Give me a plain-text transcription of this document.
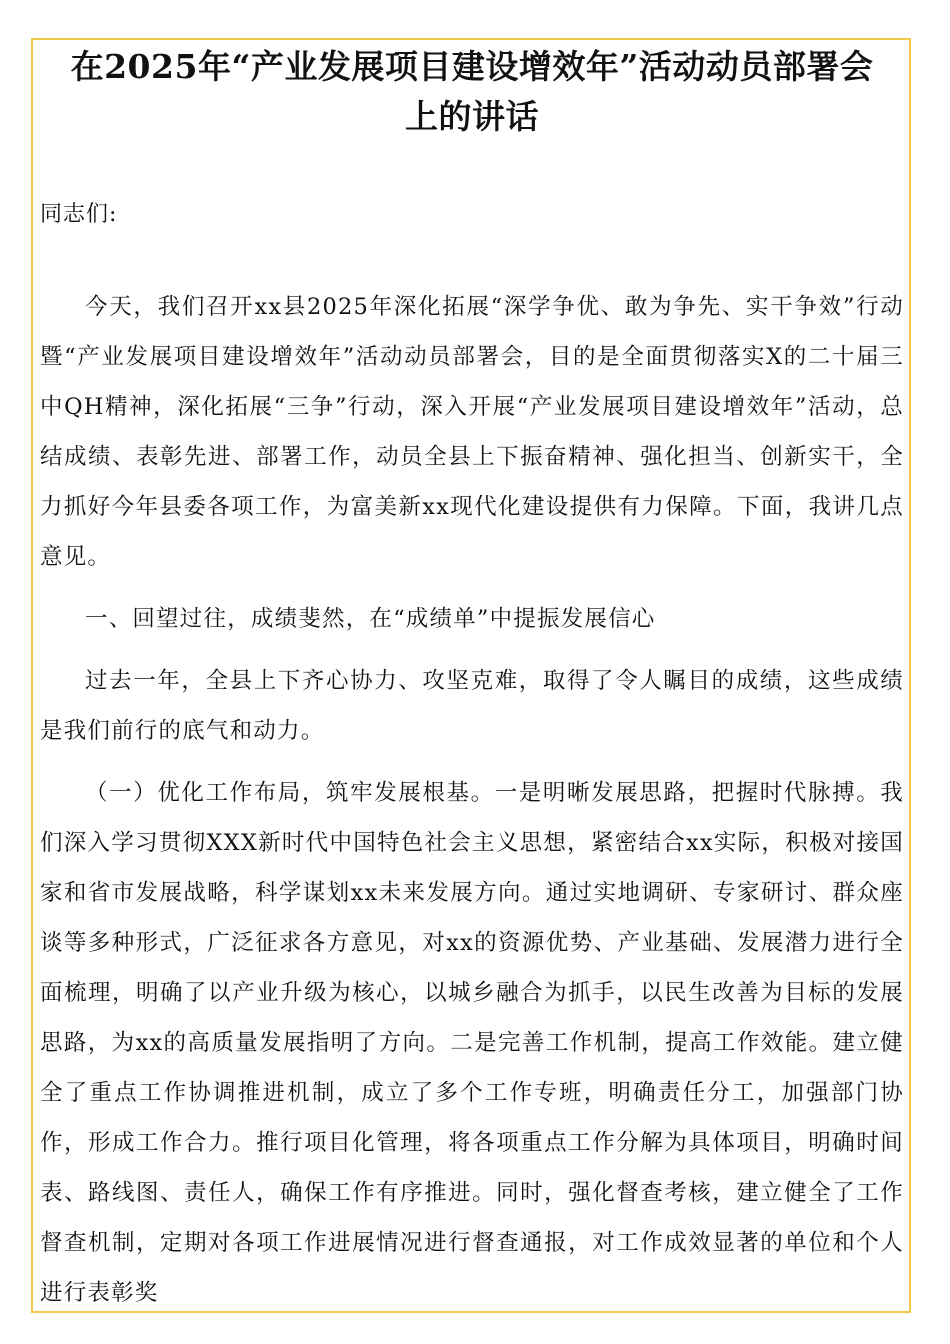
在2025年“产业发展项目建设增效年”活动动员部署会
上的讲话

同志们:

今天，我们召开xx县2025年深化拓展“深学争优、敢为争先、实干争效”行动暨“产业发展项目建设增效年”活动动员部署会，目的是全面贯彻落实X的二十届三中QH精神，深化拓展“三争”行动，深入开展“产业发展项目建设增效年”活动，总结成绩、表彰先进、部署工作，动员全县上下振奋精神、强化担当、创新实干，全力抓好今年县委各项工作，为富美新xx现代化建设提供有力保障。下面，我讲几点意见。

一、回望过往，成绩斐然，在“成绩单”中提振发展信心

过去一年，全县上下齐心协力、攻坚克难，取得了令人瞩目的成绩，这些成绩是我们前行的底气和动力。

（一）优化工作布局，筑牢发展根基。一是明晰发展思路，把握时代脉搏。我们深入学习贯彻XXX新时代中国特色社会主义思想，紧密结合xx实际，积极对接国家和省市发展战略，科学谋划xx未来发展方向。通过实地调研、专家研讨、群众座谈等多种形式，广泛征求各方意见，对xx的资源优势、产业基础、发展潜力进行全面梳理，明确了以产业升级为核心，以城乡融合为抓手，以民生改善为目标的发展思路，为xx的高质量发展指明了方向。二是完善工作机制，提高工作效能。建立健全了重点工作协调推进机制，成立了多个工作专班，明确责任分工，加强部门协作，形成工作合力。推行项目化管理，将各项重点工作分解为具体项目，明确时间表、路线图、责任人，确保工作有序推进。同时，强化督查考核，建立健全了工作督查机制，定期对各项工作进展情况进行督查通报，对工作成效显著的单位和个人进行表彰奖
